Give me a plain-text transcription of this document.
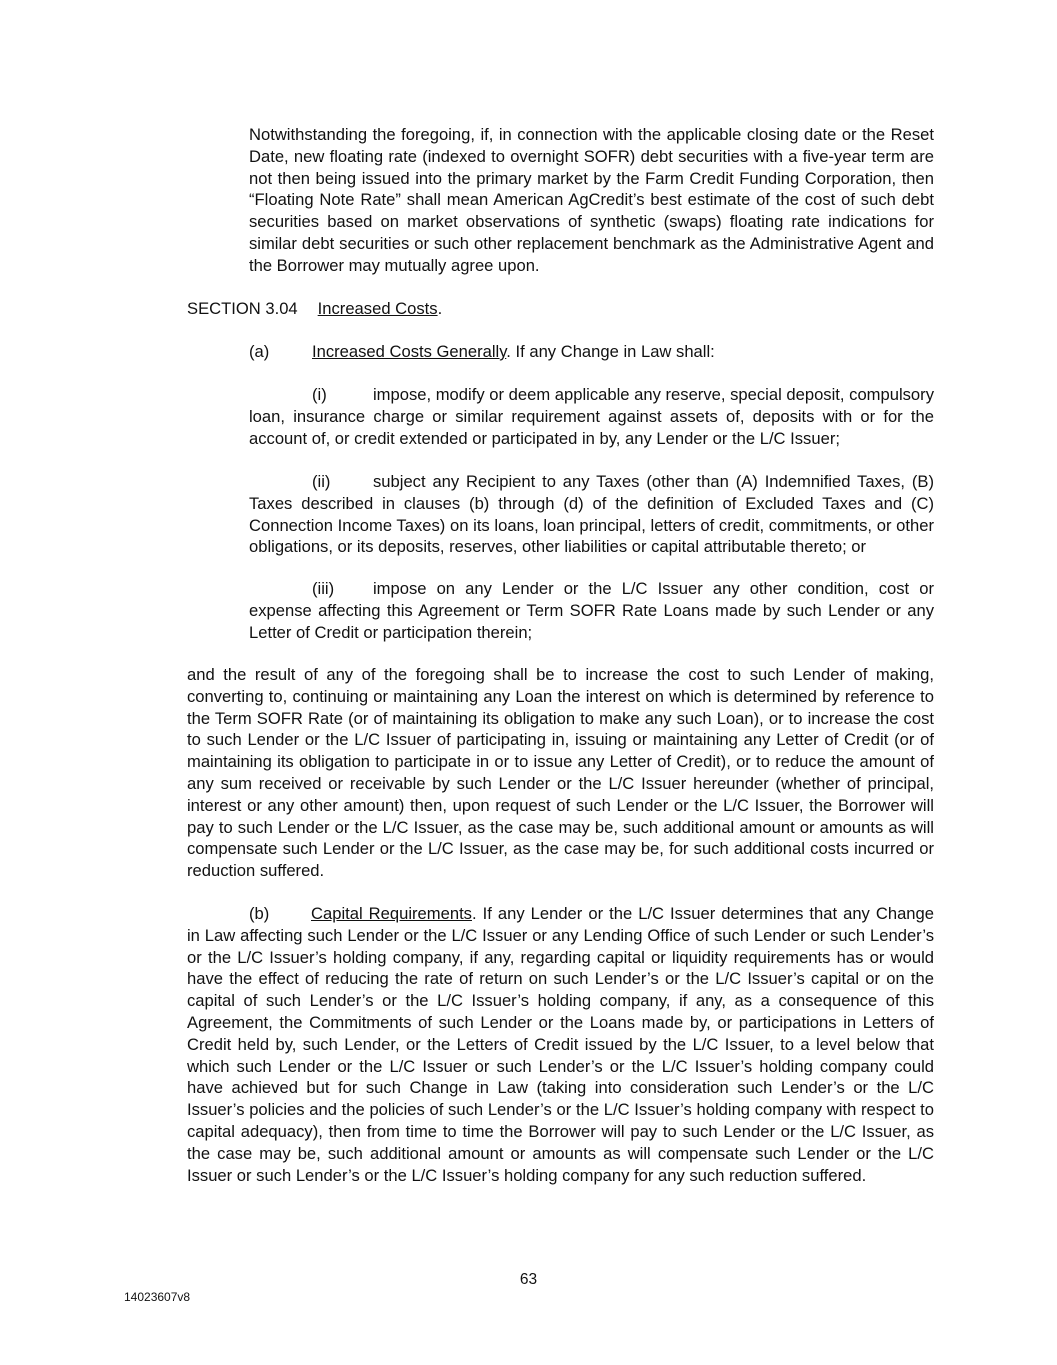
Notwithstanding the foregoing, if, in connection with the applicable closing date or the Reset Date, new floating rate (indexed to overnight SOFR) debt securities with a five-year term are not then being issued into the primary market by the Farm Credit Funding Corporation, then “Floating Note Rate” shall mean American AgCredit’s best estimate of the cost of such debt securities based on market observations of synthetic (swaps) floating rate indications for similar debt securities or such other replacement benchmark as the Administrative Agent and the Borrower may mutually agree upon.

SECTION 3.04 Increased Costs.
(a)	Increased Costs Generally. If any Change in Law shall:

(i)	impose, modify or deem applicable any reserve, special deposit, compulsory loan, insurance charge or similar requirement against assets of, deposits with or for the account of, or credit extended or participated in by, any Lender or the L/C Issuer;

(ii)	subject any Recipient to any Taxes (other than (A) Indemnified Taxes, (B) Taxes described in clauses (b) through (d) of the definition of Excluded Taxes and (C) Connection Income Taxes) on its loans, loan principal, letters of credit, commitments, or other obligations, or its deposits, reserves, other liabilities or capital attributable thereto; or

(iii) impose on any Lender or the L/C Issuer any other condition, cost or expense affecting this Agreement or Term SOFR Rate Loans made by such Lender or any Letter of Credit or participation therein;

and the result of any of the foregoing shall be to increase the cost to such Lender of making, converting to, continuing or maintaining any Loan the interest on which is determined by reference to the Term SOFR Rate (or of maintaining its obligation to make any such Loan), or to increase the cost to such Lender or the L/C Issuer of participating in, issuing or maintaining any Letter of Credit (or of maintaining its obligation to participate in or to issue any Letter of Credit), or to reduce the amount of any sum received or receivable by such Lender or the L/C Issuer hereunder (whether of principal, interest or any other amount) then, upon request of such Lender or the L/C Issuer, the Borrower will pay to such Lender or the L/C Issuer, as the case may be, such additional amount or amounts as will compensate such Lender or the L/C Issuer, as the case may be, for such additional costs incurred or reduction suffered.

(b)	Capital Requirements. If any Lender or the L/C Issuer determines that any Change in Law affecting such Lender or the L/C Issuer or any Lending Office of such Lender or such Lender’s or the L/C Issuer’s holding company, if any, regarding capital or liquidity requirements has or would have the effect of reducing the rate of return on such Lender’s or the L/C Issuer’s capital or on the capital of such Lender’s or the L/C Issuer’s holding company, if any, as a consequence of this Agreement, the Commitments of such Lender or the Loans made by, or participations in Letters of Credit held by, such Lender, or the Letters of Credit issued by the L/C Issuer, to a level below that which such Lender or the L/C Issuer or such Lender’s or the L/C Issuer’s holding company could have achieved but for such Change in Law (taking into consideration such Lender’s or the L/C Issuer’s policies and the policies of such Lender’s or the L/C Issuer’s holding company with respect to capital adequacy), then from time to time the Borrower will pay to such Lender or the L/C Issuer, as the case may be, such additional amount or amounts as will compensate such Lender or the L/C Issuer or such Lender’s or the L/C Issuer’s holding company for any such reduction suffered.

63
14023607v8
